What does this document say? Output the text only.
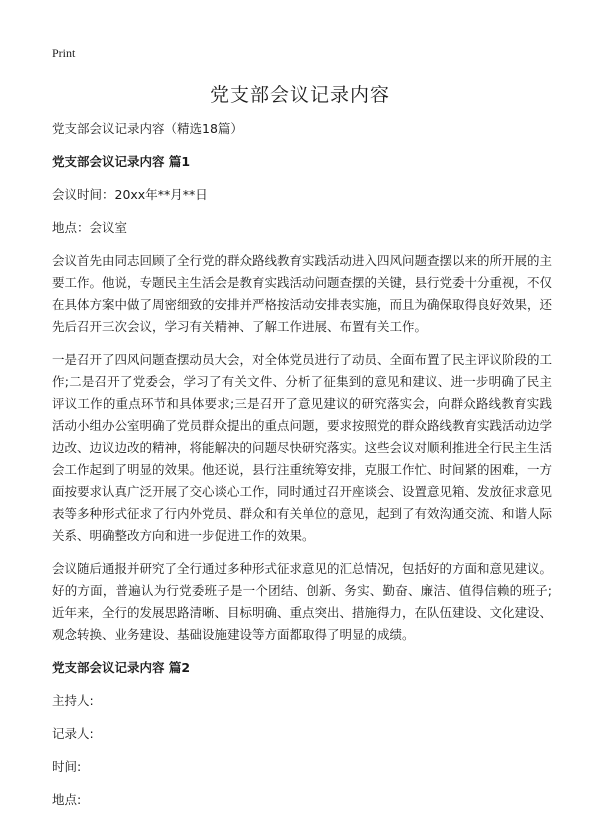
Print
党支部会议记录内容

党支部会议记录内容（精选18篇）

党支部会议记录内容 篇1

会议时间：20xx年**月**日

地点：会议室

会议首先由同志回顾了全行党的群众路线教育实践活动进入四风问题查摆以来的所开展的主要工作。他说，专题民主生活会是教育实践活动问题查摆的关键，县行党委十分重视，不仅在具体方案中做了周密细致的安排并严格按活动安排表实施，而且为确保取得良好效果，还先后召开三次会议，学习有关精神、了解工作进展、布置有关工作。

一是召开了四风问题查摆动员大会，对全体党员进行了动员、全面布置了民主评议阶段的工作;二是召开了党委会，学习了有关文件、分析了征集到的意见和建议、进一步明确了民主评议工作的重点环节和具体要求;三是召开了意见建议的研究落实会，向群众路线教育实践活动小组办公室明确了党员群众提出的重点问题，要求按照党的群众路线教育实践活动边学边改、边议边改的精神，将能解决的问题尽快研究落实。这些会议对顺利推进全行民主生活会工作起到了明显的效果。他还说，县行注重统筹安排，克服工作忙、时间紧的困难，一方面按要求认真广泛开展了交心谈心工作，同时通过召开座谈会、设置意见箱、发放征求意见表等多种形式征求了行内外党员、群众和有关单位的意见，起到了有效沟通交流、和谐人际关系、明确整改方向和进一步促进工作的效果。

会议随后通报并研究了全行通过多种形式征求意见的汇总情况，包括好的方面和意见建议。 好的方面，普遍认为行党委班子是一个团结、创新、务实、勤奋、廉洁、值得信赖的班子;近年来，全行的发展思路清晰、目标明确、重点突出、措施得力，在队伍建设、文化建设、观念转换、业务建设、基础设施建设等方面都取得了明显的成绩。

党支部会议记录内容 篇2

主持人:

记录人:

时间:

地点:
